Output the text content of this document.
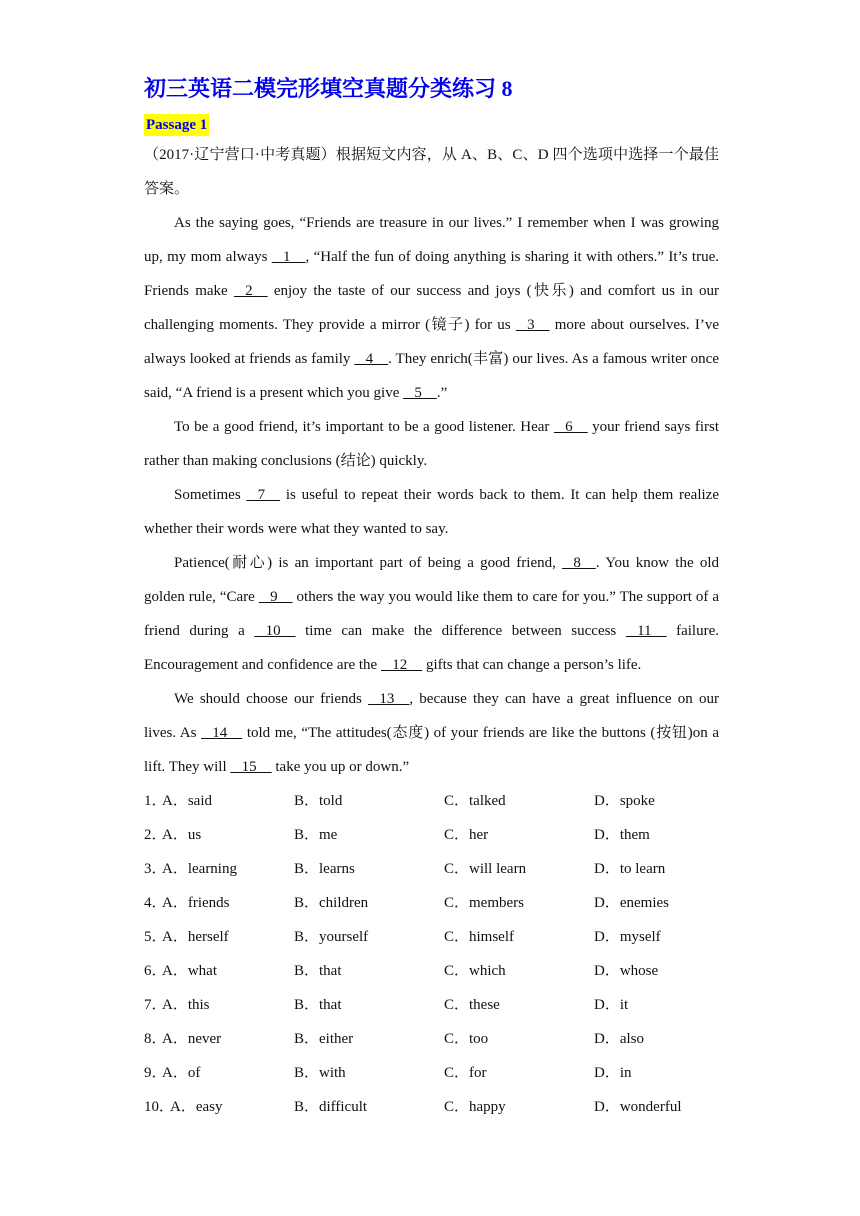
初三英语二模完形填空真题分类练习 8
Passage 1
（2017·辽宁营口·中考真题）根据短文内容，从 A、B、C、D 四个选项中选择一个最佳答案。

As the saying goes, “Friends are treasure in our lives.” I remember when I was growing up, my mom always    1    , “Half the fun of doing anything is sharing it with others.” It’s true. Friends make    2     enjoy the taste of our success and joys (快乐) and comfort us in our challenging moments. They provide a mirror (镜子) for us    3     more about ourselves. I’ve always looked at friends as family    4    . They enrich(丰富) our lives. As a famous writer once said, “A friend is a present which you give    5    .”

To be a good friend, it’s important to be a good listener. Hear    6     your friend says first rather than making conclusions (结论) quickly.

Sometimes    7     is useful to repeat their words back to them. It can help them realize whether their words were what they wanted to say.

Patience(耐心) is an important part of being a good friend,    8    . You know the old golden rule, “Care    9     others the way you would like them to care for you.” The support of a friend during a    10     time can make the difference between success    11     failure. Encouragement and confidence are the    12     gifts that can change a person’s life.

We should choose our friends    13    , because they can have a great influence on our lives. As    14     told me, “The attitudes(态度) of your friends are like the buttons (按钮)on a lift. They will    15     take you up or down.”

1．
A．said	B．told	C．talked	D．spoke
2．
A．us	B．me	C．her	D．them
3．
A．learning	B．learns	C．will learn	D．to learn
4．
A．friends	B．children	C．members	D．enemies
5．
A．herself	B．yourself	C．himself	D．myself
6．
A．what	B．that	C．which	D．whose
7．
A．this	B．that	C．these	D．it
8．
A．never	B．either	C．too	D．also
9．
A．of	B．with	C．for	D．in
10．
A．easy	B．difficult	C．happy	D．wonderful
